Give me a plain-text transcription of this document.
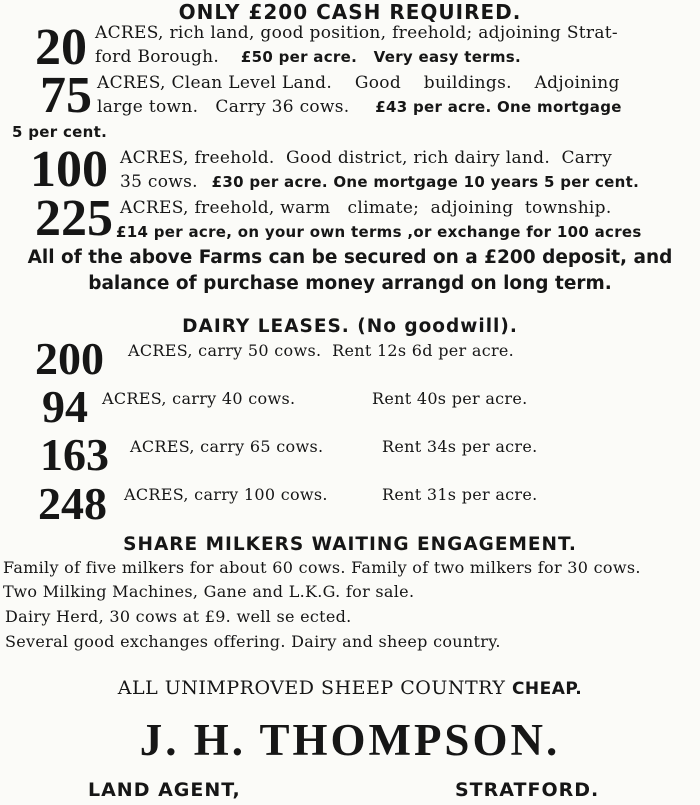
ONLY £200 CASH REQUIRED.
20 ACRES, rich land, good position, freehold; adjoining Strat-
ford Borough. £50 per acre.   Very easy terms.
75 ACRES, Clean Level Land.    Good    buildings.    Adjoining
large town.   Carry 36 cows. £43 per acre. One mortgage
5 per cent.
100 ACRES, freehold.  Good district, rich dairy land.  Carry
35 cows. £30 per acre. One mortgage 10 years 5 per cent.
225 ACRES, freehold, warm   climate;  adjoining  township.
£14 per acre, on your own terms ,or exchange for 100 acres
All of the above Farms can be secured on a £200 deposit, and
balance of purchase money arrangd on long term.
DAIRY LEASES. (No goodwill).
200 ACRES, carry 50 cows.  Rent 12s 6d per acre.
94 ACRES, carry 40 cows.	Rent 40s per acre.
163 ACRES, carry 65 cows.	Rent 34s per acre.
248 ACRES, carry 100 cows.	Rent 31s per acre.
SHARE MILKERS WAITING ENGAGEMENT.
Family of five milkers for about 60 cows. Family of two milkers for 30 cows.
Two Milking Machines, Gane and L.K.G. for sale.
Dairy Herd, 30 cows at £9. well se ected.
Several good exchanges offering. Dairy and sheep country.
ALL UNIMPROVED SHEEP COUNTRY CHEAP.
J. H. THOMPSON.
LAND AGENT,	STRATFORD.
